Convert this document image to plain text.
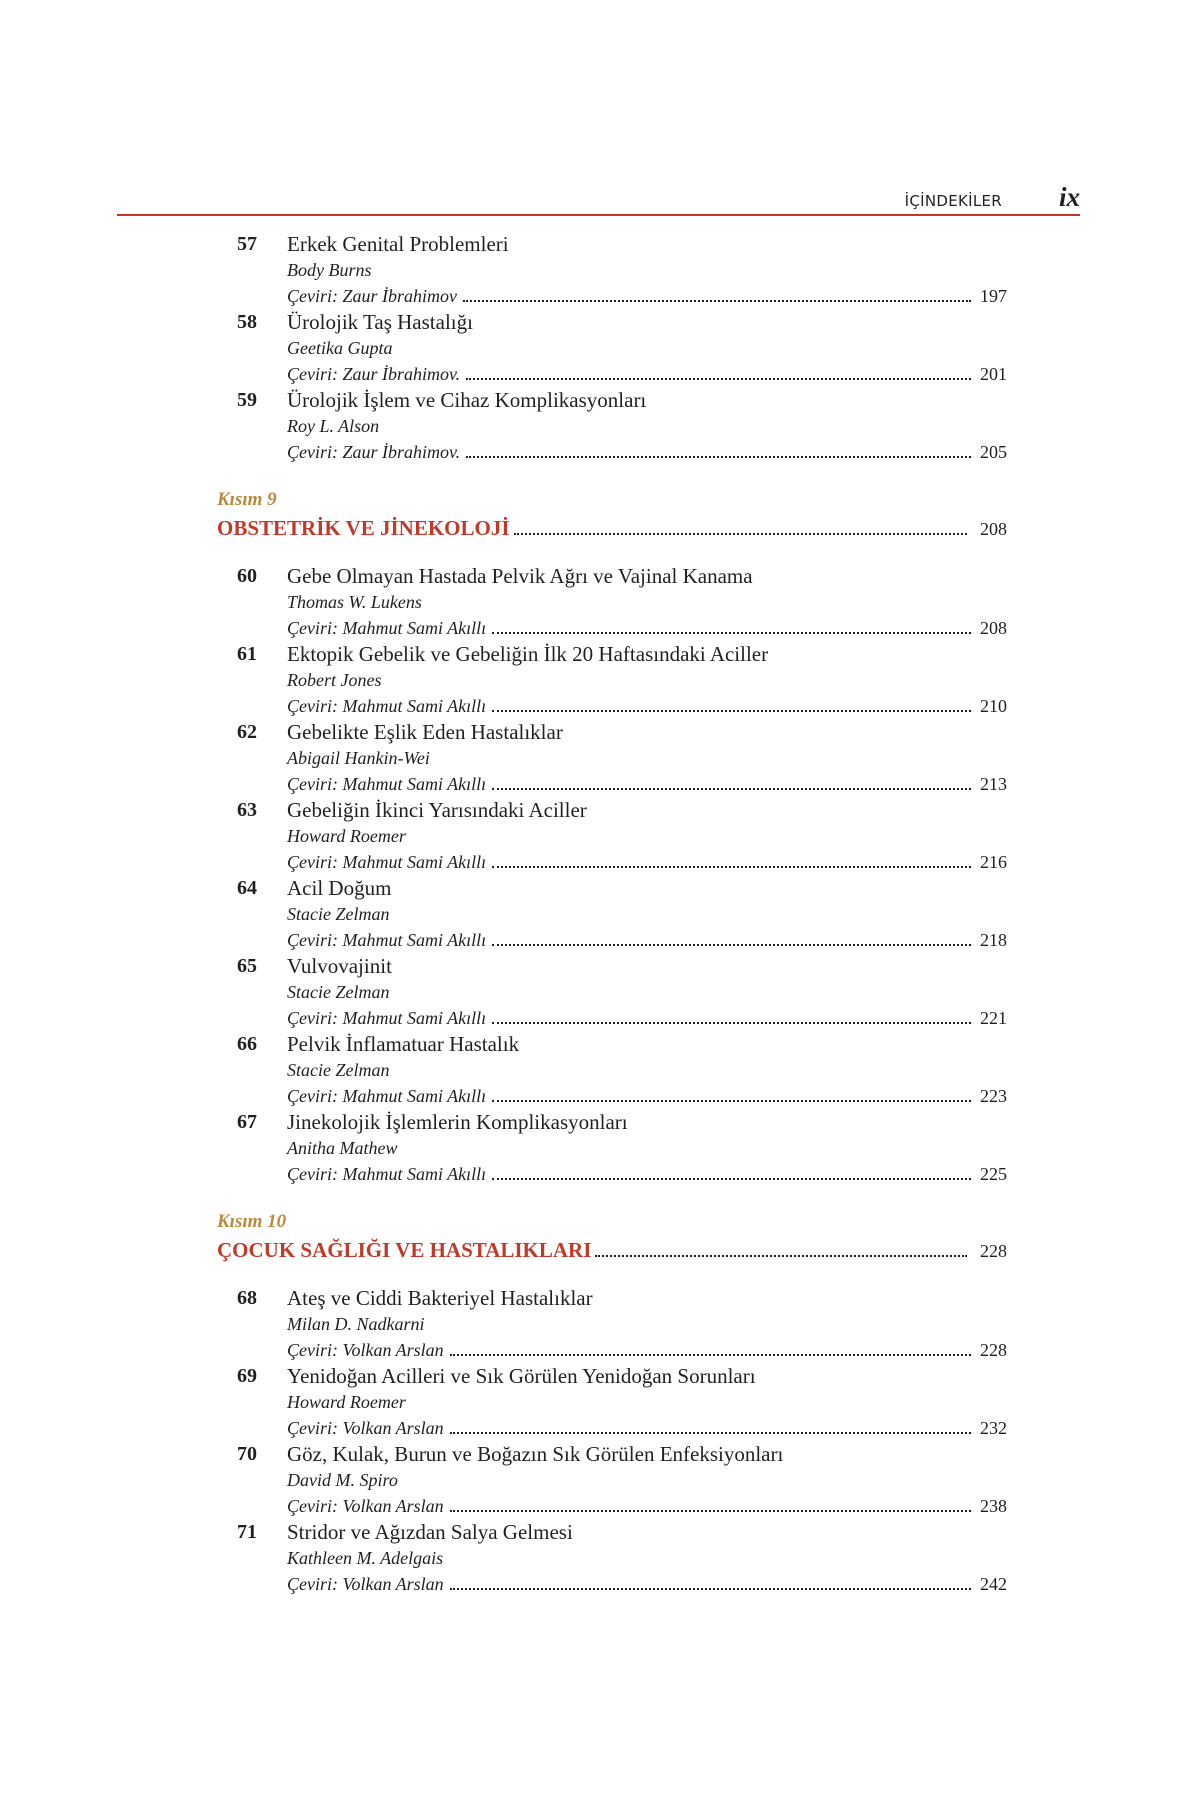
İÇİNDEKİLER ix
57 Erkek Genital Problemleri
Body Burns
Çeviri: Zaur İbrahimov	197
58 Ürolojik Taş Hastalığı
Geetika Gupta
Çeviri: Zaur İbrahimov.	201
59 Ürolojik İşlem ve Cihaz Komplikasyonları
Roy L. Alson
Çeviri: Zaur İbrahimov.	205
Kısım 9
OBSTETRİK VE JİNEKOLOJİ	208
60 Gebe Olmayan Hastada Pelvik Ağrı ve Vajinal Kanama
Thomas W. Lukens
Çeviri: Mahmut Sami Akıllı	208
61 Ektopik Gebelik ve Gebeliğin İlk 20 Haftasındaki Aciller
Robert Jones
Çeviri: Mahmut Sami Akıllı	210
62 Gebelikte Eşlik Eden Hastalıklar
Abigail Hankin-Wei
Çeviri: Mahmut Sami Akıllı	213
63 Gebeliğin İkinci Yarısındaki Aciller
Howard Roemer
Çeviri: Mahmut Sami Akıllı	216
64 Acil Doğum
Stacie Zelman
Çeviri: Mahmut Sami Akıllı	218
65 Vulvovajinit
Stacie Zelman
Çeviri: Mahmut Sami Akıllı	221
66 Pelvik İnflamatuar Hastalık
Stacie Zelman
Çeviri: Mahmut Sami Akıllı	223
67 Jinekolojik İşlemlerin Komplikasyonları
Anitha Mathew
Çeviri: Mahmut Sami Akıllı	225
Kısım 10
ÇOCUK SAĞLIĞI VE HASTALIKLARI	228
68 Ateş ve Ciddi Bakteriyel Hastalıklar
Milan D. Nadkarni
Çeviri: Volkan Arslan	228
69 Yenidoğan Acilleri ve Sık Görülen Yenidoğan Sorunları
Howard Roemer
Çeviri: Volkan Arslan	232
70 Göz, Kulak, Burun ve Boğazın Sık Görülen Enfeksiyonları
David M. Spiro
Çeviri: Volkan Arslan	238
71 Stridor ve Ağızdan Salya Gelmesi
Kathleen M. Adelgais
Çeviri: Volkan Arslan	242
